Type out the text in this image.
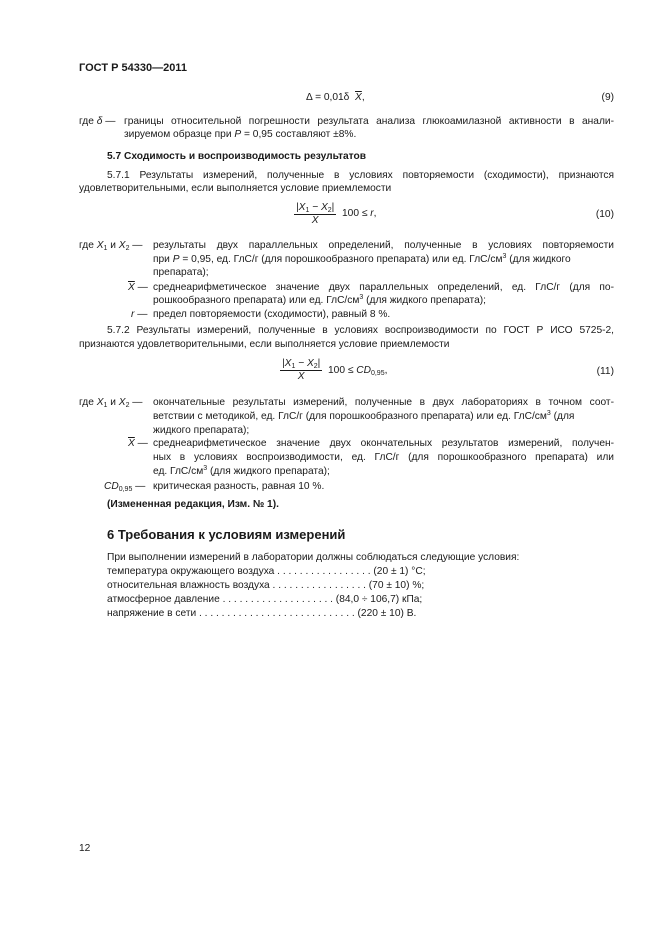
ГОСТ Р 54330—2011
Δ = 0,01δ  $\overline{X}$,	(9)
где δ — границы относительной погрешности результата анализа глюкоамилазной активности в анали-
зируемом образце при Р = 0,95 составляют ±8%.
5.7 Сходимость и воспроизводимость результатов
5.7.1 Результаты измерений, полученные в условиях повторяемости (сходимости), признаются
удовлетворительными, если выполняется условие приемлемости
$\frac{|X_1 - X_2|}{X} 100 \le r$,	(10)
где $X_1$ и $X_2$ — результаты двух параллельных определений, полученные в условиях повторяемости
при Р = 0,95, ед. ГлС/г (для порошкообразного препарата) или ед. ГлС/$см^3$ (для жидкого
препарата);
$\overline{X}$ — среднеарифметическое значение двух параллельных определений, ед. ГлС/г (для по-
рошкообразного препарата) или ед. ГлС/$см^3$ (для жидкого препарата);
r — предел повторяемости (сходимости), равный 8 %.
5.7.2 Результаты измерений, полученные в условиях воспроизводимости по ГОСТ Р ИСО 5725-2,
признаются удовлетворительными, если выполняется условие приемлемости
$\frac{|X_1 - X_2|}{X} 100 \le CD_{0,95}$,	(11)
где $X_1$ и $X_2$ — окончательные результаты измерений, полученные в двух лабораториях в точном соот-
ветствии с методикой, ед. ГлС/г (для порошкообразного препарата) или ед. ГлС/$см^3$ (для
жидкого препарата);
$\overline{X}$ — среднеарифметическое значение двух окончательных результатов измерений, получен-
ных в условиях воспроизводимости, ед. ГлС/г (для порошкообразного препарата) или
ед. ГлС/$см^3$ (для жидкого препарата);
$CD_{0,95}$ — критическая разность, равная 10 %.
(Измененная редакция, Изм. № 1).
6 Требования к условиям измерений
При выполнении измерений в лаборатории должны соблюдаться следующие условия:
температура окружающего воздуха . . . . . . . . . . . . . . . . . (20 ± 1) °С;
относительная влажность воздуха . . . . . . . . . . . . . . . . . (70 ± 10) %;
атмосферное давление . . . . . . . . . . . . . . . . . . . . (84,0 ÷ 106,7) кПа;
напряжение в сети . . . . . . . . . . . . . . . . . . . . . . . . . . . . (220 ± 10) В.
12
